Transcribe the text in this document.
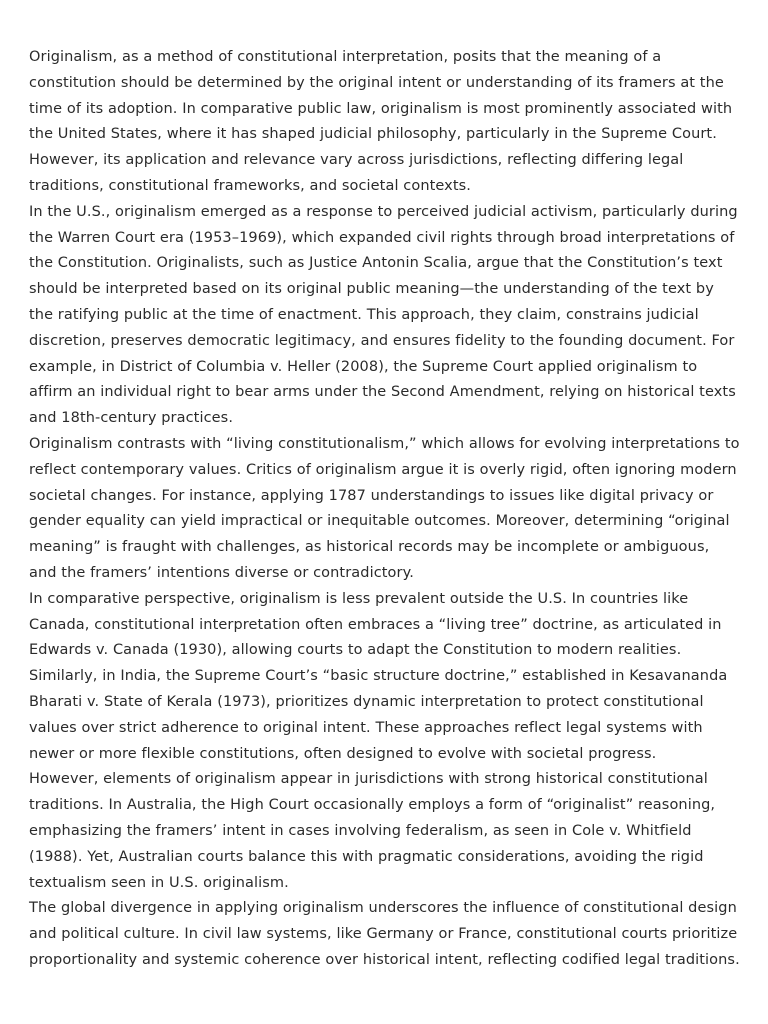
Originalism, as a method of constitutional interpretation, posits that the meaning of a constitution should be determined by the original intent or understanding of its framers at the time of its adoption. In comparative public law, originalism is most prominently associated with the United States, where it has shaped judicial philosophy, particularly in the Supreme Court. However, its application and relevance vary across jurisdictions, reflecting differing legal traditions, constitutional frameworks, and societal contexts.

In the U.S., originalism emerged as a response to perceived judicial activism, particularly during the Warren Court era (1953–1969), which expanded civil rights through broad interpretations of the Constitution. Originalists, such as Justice Antonin Scalia, argue that the Constitution’s text should be interpreted based on its original public meaning—the understanding of the text by the ratifying public at the time of enactment. This approach, they claim, constrains judicial discretion, preserves democratic legitimacy, and ensures fidelity to the founding document. For example, in District of Columbia v. Heller (2008), the Supreme Court applied originalism to affirm an individual right to bear arms under the Second Amendment, relying on historical texts and 18th-century practices.

Originalism contrasts with “living constitutionalism,” which allows for evolving interpretations to reflect contemporary values. Critics of originalism argue it is overly rigid, often ignoring modern societal changes. For instance, applying 1787 understandings to issues like digital privacy or gender equality can yield impractical or inequitable outcomes. Moreover, determining “original meaning” is fraught with challenges, as historical records may be incomplete or ambiguous, and the framers’ intentions diverse or contradictory.

In comparative perspective, originalism is less prevalent outside the U.S. In countries like Canada, constitutional interpretation often embraces a “living tree” doctrine, as articulated in Edwards v. Canada (1930), allowing courts to adapt the Constitution to modern realities. Similarly, in India, the Supreme Court’s “basic structure doctrine,” established in Kesavananda Bharati v. State of Kerala (1973), prioritizes dynamic interpretation to protect constitutional values over strict adherence to original intent. These approaches reflect legal systems with newer or more flexible constitutions, often designed to evolve with societal progress.

However, elements of originalism appear in jurisdictions with strong historical constitutional traditions. In Australia, the High Court occasionally employs a form of “originalist” reasoning, emphasizing the framers’ intent in cases involving federalism, as seen in Cole v. Whitfield (1988). Yet, Australian courts balance this with pragmatic considerations, avoiding the rigid textualism seen in U.S. originalism.

The global divergence in applying originalism underscores the influence of constitutional design and political culture. In civil law systems, like Germany or France, constitutional courts prioritize proportionality and systemic coherence over historical intent, reflecting codified legal traditions.
